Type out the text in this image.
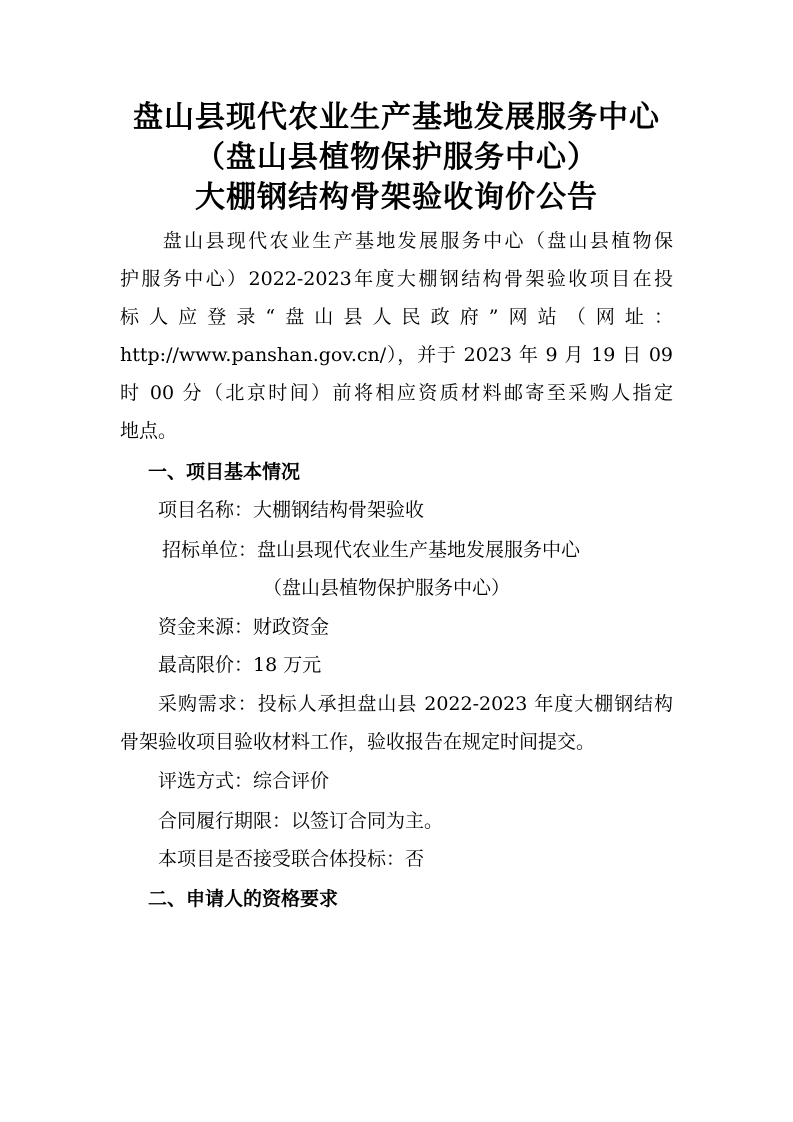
盘山县现代农业生产基地发展服务中心
（盘山县植物保护服务中心）
大棚钢结构骨架验收询价公告
　　盘山县现代农业生产基地发展服务中心（盘山县植物保
护服务中心）2022-2023年度大棚钢结构骨架验收项目在投
标人应登录“盘山县人民政府”网站（网址：
http://www.panshan.gov.cn/），并于 2023 年 9 月 19 日 09
时 00 分（北京时间）前将相应资质材料邮寄至采购人指定
地点。
一、项目基本情况
项目名称：大棚钢结构骨架验收
招标单位：盘山县现代农业生产基地发展服务中心
（盘山县植物保护服务中心）
资金来源：财政资金
最高限价：18 万元
采购需求：投标人承担盘山县 2022-2023 年度大棚钢结构
骨架验收项目验收材料工作，验收报告在规定时间提交。
评选方式：综合评价
合同履行期限：以签订合同为主。
本项目是否接受联合体投标：否
二、申请人的资格要求
